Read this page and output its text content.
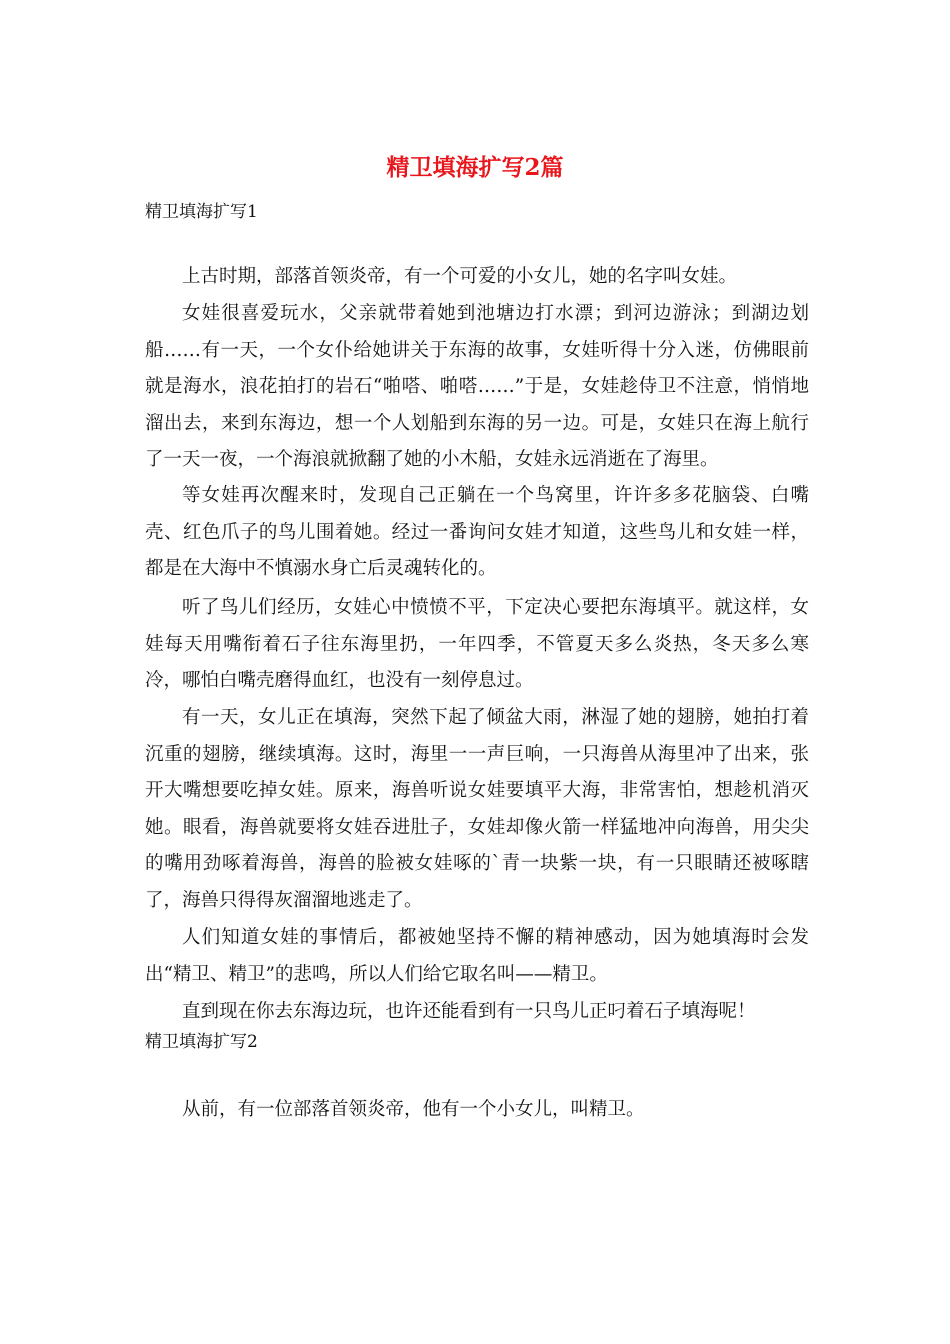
精卫填海扩写2篇

精卫填海扩写1

上古时期，部落首领炎帝，有一个可爱的小女儿，她的名字叫女娃。

女娃很喜爱玩水，父亲就带着她到池塘边打水漂；到河边游泳；到湖边划船……有一天，一个女仆给她讲关于东海的故事，女娃听得十分入迷，仿佛眼前就是海水，浪花拍打的岩石“啪嗒、啪嗒……”于是，女娃趁侍卫不注意，悄悄地溜出去，来到东海边，想一个人划船到东海的另一边。可是，女娃只在海上航行了一天一夜，一个海浪就掀翻了她的小木船，女娃永远消逝在了海里。

等女娃再次醒来时，发现自己正躺在一个鸟窝里，许许多多花脑袋、白嘴壳、红色爪子的鸟儿围着她。经过一番询问女娃才知道，这些鸟儿和女娃一样，都是在大海中不慎溺水身亡后灵魂转化的。

听了鸟儿们经历，女娃心中愤愤不平，下定决心要把东海填平。就这样，女娃每天用嘴衔着石子往东海里扔，一年四季，不管夏天多么炎热，冬天多么寒冷，哪怕白嘴壳磨得血红，也没有一刻停息过。

有一天，女儿正在填海，突然下起了倾盆大雨，淋湿了她的翅膀，她拍打着沉重的翅膀，继续填海。这时，海里一一声巨响，一只海兽从海里冲了出来，张开大嘴想要吃掉女娃。原来，海兽听说女娃要填平大海，非常害怕，想趁机消灭她。眼看，海兽就要将女娃吞进肚子，女娃却像火箭一样猛地冲向海兽，用尖尖的嘴用劲啄着海兽，海兽的脸被女娃啄的`青一块紫一块，有一只眼睛还被啄瞎了，海兽只得得灰溜溜地逃走了。

人们知道女娃的事情后，都被她坚持不懈的精神感动，因为她填海时会发出“精卫、精卫”的悲鸣，所以人们给它取名叫——精卫。

直到现在你去东海边玩，也许还能看到有一只鸟儿正叼着石子填海呢！

精卫填海扩写2

从前，有一位部落首领炎帝，他有一个小女儿，叫精卫。
